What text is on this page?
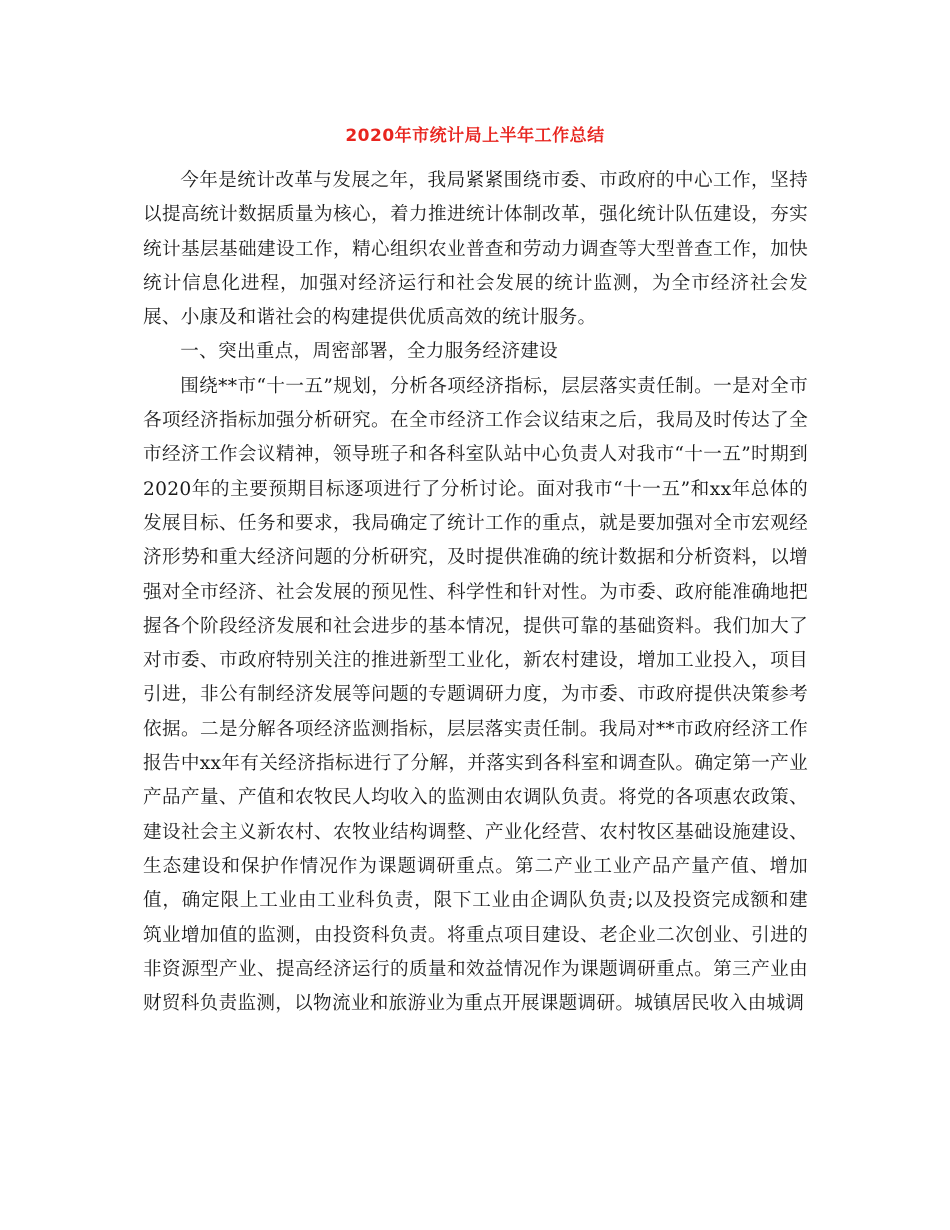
2020年市统计局上半年工作总结

今年是统计改革与发展之年，我局紧紧围绕市委、市政府的中心工作，坚持以提高统计数据质量为核心，着力推进统计体制改革，强化统计队伍建设，夯实统计基层基础建设工作，精心组织农业普查和劳动力调查等大型普查工作，加快统计信息化进程，加强对经济运行和社会发展的统计监测，为全市经济社会发展、小康及和谐社会的构建提供优质高效的统计服务。

一、突出重点，周密部署，全力服务经济建设

围绕**市“十一五”规划，分析各项经济指标，层层落实责任制。一是对全市各项经济指标加强分析研究。在全市经济工作会议结束之后，我局及时传达了全市经济工作会议精神，领导班子和各科室队站中心负责人对我市“十一五”时期到2020年的主要预期目标逐项进行了分析讨论。面对我市“十一五”和xx年总体的发展目标、任务和要求，我局确定了统计工作的重点，就是要加强对全市宏观经济形势和重大经济问题的分析研究，及时提供准确的统计数据和分析资料，以增强对全市经济、社会发展的预见性、科学性和针对性。为市委、政府能准确地把握各个阶段经济发展和社会进步的基本情况，提供可靠的基础资料。我们加大了对市委、市政府特别关注的推进新型工业化，新农村建设，增加工业投入，项目引进，非公有制经济发展等问题的专题调研力度，为市委、市政府提供决策参考依据。二是分解各项经济监测指标，层层落实责任制。我局对**市政府经济工作报告中xx年有关经济指标进行了分解，并落实到各科室和调查队。确定第一产业产品产量、产值和农牧民人均收入的监测由农调队负责。将党的各项惠农政策、建设社会主义新农村、农牧业结构调整、产业化经营、农村牧区基础设施建设、生态建设和保护作情况作为课题调研重点。第二产业工业产品产量产值、增加值，确定限上工业由工业科负责，限下工业由企调队负责;以及投资完成额和建筑业增加值的监测，由投资科负责。将重点项目建设、老企业二次创业、引进的非资源型产业、提高经济运行的质量和效益情况作为课题调研重点。第三产业由财贸科负责监测，以物流业和旅游业为重点开展课题调研。城镇居民收入由城调
